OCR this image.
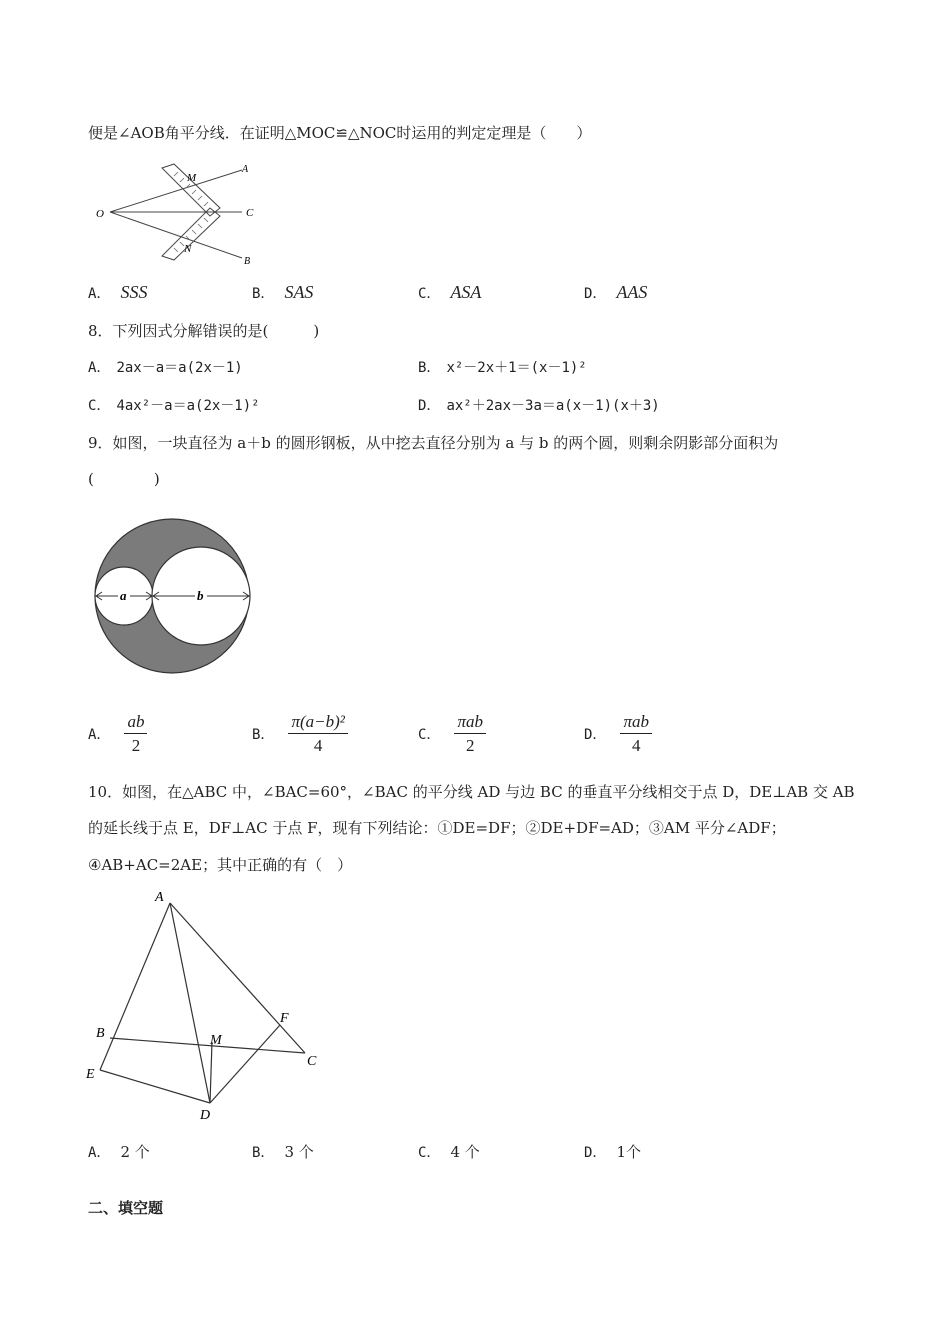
便是∠AOB角平分线．在证明△MOC≌△NOC时运用的判定定理是（　　）
O
M
A
C
N
B
A． SSS	B． SAS	C． ASA	D． AAS
8．下列因式分解错误的是(　　　)
A． 2ax－a＝a(2x－1)	B． x²－2x＋1＝(x－1)²
C． 4ax²－a＝a(2x－1)²	D． ax²＋2ax－3a＝a(x－1)(x＋3)
9．如图，一块直径为 a＋b 的圆形钢板，从中挖去直径分别为 a 与 b 的两个圆，则剩余阴影部分面积为
(　　　　)
a	b
A． $\frac{ab}{2}$	B． $\frac{\text{π(a−b)²}}{4}$	C． $\frac{\text{πab}}{2}$	D． $\frac{\text{πab}}{4}$
10．如图，在△ABC 中，∠BAC=60°，∠BAC 的平分线 AD 与边 BC 的垂直平分线相交于点 D，DE⊥AB 交 AB
的延长线于点 E，DF⊥AC 于点 F，现有下列结论：①DE=DF；②DE+DF=AD；③AM 平分∠ADF；
④AB+AC=2AE；其中正确的有（　）
A
B
C
D
E
F
M
A． 2 个	B． 3 个	C． 4 个	D． 1个
二、填空题
